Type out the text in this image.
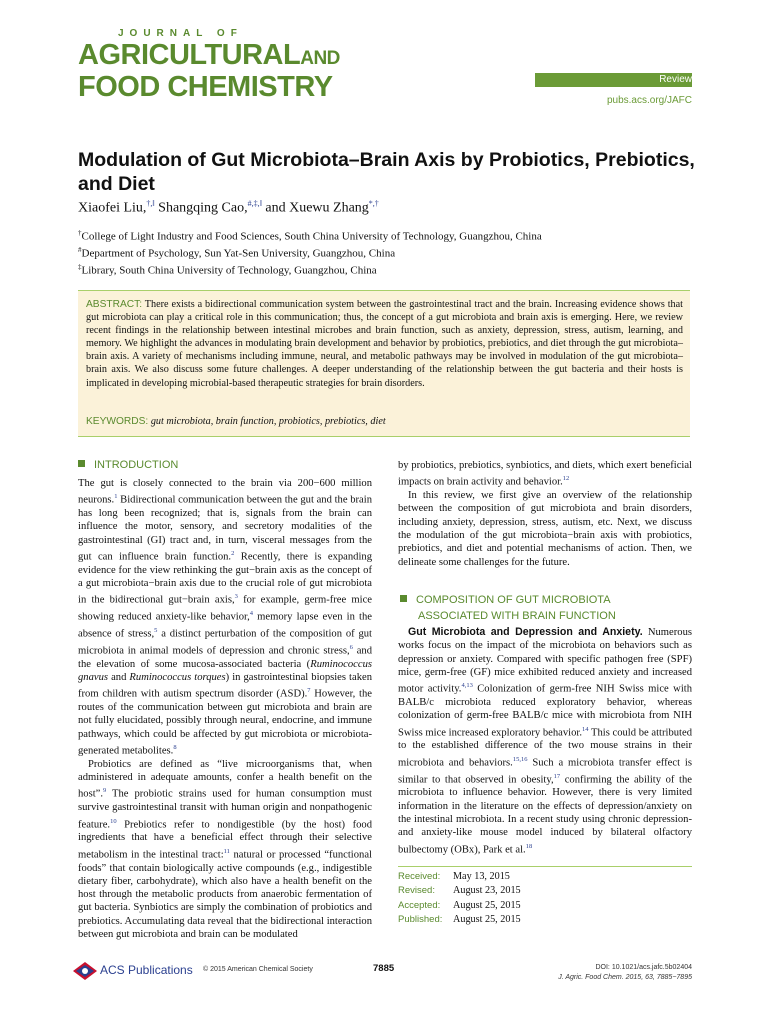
JOURNAL OF
AGRICULTURALAND
FOOD CHEMISTRY	Review
pubs.acs.org/JAFC
Modulation of Gut Microbiota–Brain Axis by Probiotics, Prebiotics, and Diet
Xiaofei Liu,†,‖ Shangqing Cao,#,‡,‖ and Xuewu Zhang*,†
†College of Light Industry and Food Sciences, South China University of Technology, Guangzhou, China
#Department of Psychology, Sun Yat-Sen University, Guangzhou, China
‡Library, South China University of Technology, Guangzhou, China
ABSTRACT: There exists a bidirectional communication system between the gastrointestinal tract and the brain. Increasing evidence shows that gut microbiota can play a critical role in this communication; thus, the concept of a gut microbiota and brain axis is emerging. Here, we review recent findings in the relationship between intestinal microbes and brain function, such as anxiety, depression, stress, autism, learning, and memory. We highlight the advances in modulating brain development and behavior by probiotics, prebiotics, and diet through the gut microbiota–brain axis. A variety of mechanisms including immune, neural, and metabolic pathways may be involved in modulation of the gut microbiota–brain axis. We also discuss some future challenges. A deeper understanding of the relationship between the gut bacteria and their hosts is implicated in developing microbial-based therapeutic strategies for brain disorders.
KEYWORDS: gut microbiota, brain function, probiotics, prebiotics, diet
INTRODUCTION

The gut is closely connected to the brain via 200−600 million neurons.$^1$ Bidirectional communication between the gut and the brain has long been recognized; that is, signals from the brain can influence the motor, sensory, and secretory modalities of the gastrointestinal (GI) tract and, in turn, visceral messages from the gut can influence brain function.$^2$ Recently, there is expanding evidence for the view rethinking the gut−brain axis as the concept of a gut microbiota−brain axis due to the crucial role of gut microbiota in the bidirectional gut−brain axis,$^3$ for example, germ-free mice showing reduced anxiety-like behavior,$^4$ memory lapse even in the absence of stress,$^5$ a distinct perturbation of the composition of gut microbiota in animal models of depression and chronic stress,$^6$ and the elevation of some mucosa-associated bacteria (Ruminococcus gnavus and Ruminococcus torques) in gastrointestinal biopsies taken from children with autism spectrum disorder (ASD).$^7$ However, the routes of the communication between gut microbiota and brain are not fully elucidated, possibly through neural, endocrine, and immune pathways, which could be affected by gut microbiota or microbiota-generated metabolites.$^8$

Probiotics are defined as “live microorganisms that, when administered in adequate amounts, confer a health benefit on the host”.$^9$ The probiotic strains used for human consumption must survive gastrointestinal transit with human origin and nonpathogenic feature.$^{10}$ Prebiotics refer to nondigestible (by the host) food ingredients that have a beneficial effect through their selective metabolism in the intestinal tract:$^{11}$ natural or processed “functional foods” that contain biologically active compounds (e.g., indigestible dietary fiber, carbohydrate), which also have a health benefit on the host through the metabolic products from anaerobic fermentation of gut bacteria. Synbiotics are simply the combination of probiotics and prebiotics. Accumulating data reveal that the bidirectional interaction between gut microbiota and brain can be modulated

by probiotics, prebiotics, synbiotics, and diets, which exert beneficial impacts on brain activity and behavior.$^{12}$

In this review, we first give an overview of the relationship between the composition of gut microbiota and brain disorders, including anxiety, depression, stress, autism, etc. Next, we discuss the modulation of the gut microbiota−brain axis with probiotics, prebiotics, and diet and potential mechanisms of action. Then, we delineate some challenges for the future.

COMPOSITION OF GUT MICROBIOTA
ASSOCIATED WITH BRAIN FUNCTION

Gut Microbiota and Depression and Anxiety. Numerous works focus on the impact of the microbiota on behaviors such as depression or anxiety. Compared with specific pathogen free (SPF) mice, germ-free (GF) mice exhibited reduced anxiety and increased motor activity.$^{4,13}$ Colonization of germ-free NIH Swiss mice with BALB/c microbiota reduced exploratory behavior, whereas colonization of germ-free BALB/c mice with microbiota from NIH Swiss mice increased exploratory behavior.$^{14}$ This could be attributed to the established difference of the two mouse strains in their microbiota and behaviors.$^{15,16}$ Such a microbiota transfer effect is similar to that observed in obesity,$^{17}$ confirming the ability of the microbiota to influence behavior. However, there is very limited information in the literature on the effects of depression/anxiety on the intestinal microbiota. In a recent study using chronic depression- and anxiety-like mouse model induced by bilateral olfactory bulbectomy (OBx), Park et al.$^{18}$

Received: May 13, 2015
Revised: August 23, 2015
Accepted: August 25, 2015
Published: August 25, 2015
ACS Publications © 2015 American Chemical Society	7885	DOI: 10.1021/acs.jafc.5b02404
J. Agric. Food Chem. 2015, 63, 7885−7895
